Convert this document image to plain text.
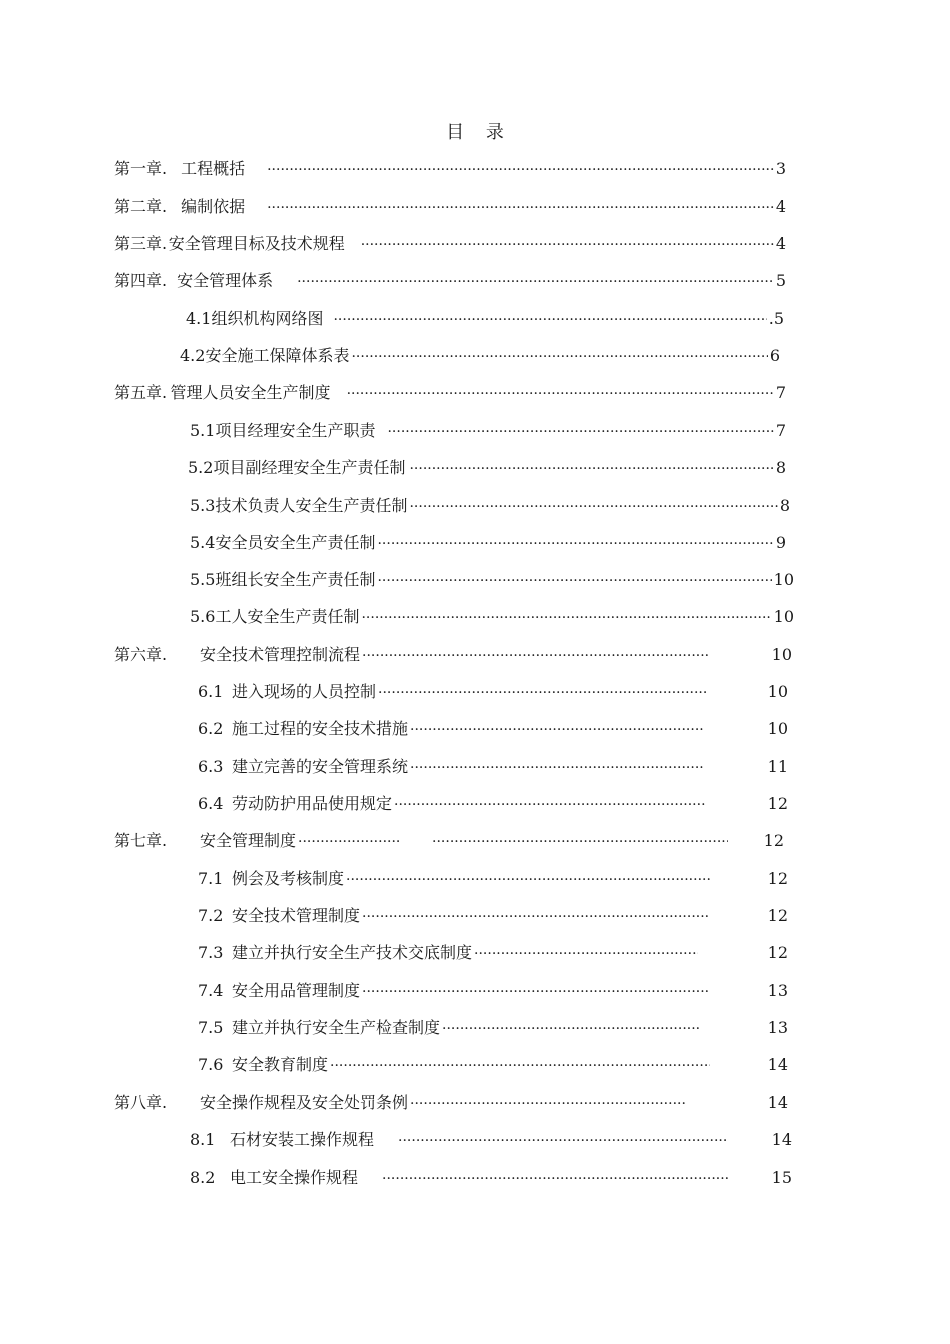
目 录
第一章. 工程概括 ·····	3
第二章. 编制依据 ·····	4
第三章. 安全管理目标及技术规程 ·····	4
第四章. 安全管理体系 ·····	5
4.1 组织机构网络图 ·····	.5
4.2 安全施工保障体系表 ·····	6
第五章. 管理人员安全生产制度 ·····	7
5.1 项目经理安全生产职责 ·····	7
5.2 项目副经理安全生产责任制 ·····	8
5.3 技术负责人安全生产责任制 ·····	8
5.4 安全员安全生产责任制 ·····	9
5.5 班组长安全生产责任制 ·····	10
5.6 工人安全生产责任制 ·····	10
第六章.	安全技术管理控制流程 ·····	10
6.1 进入现场的人员控制 ·····	10
6.2 施工过程的安全技术措施 ·····	10
6.3 建立完善的安全管理系统 ·····	11
6.4 劳动防护用品使用规定 ·····	12
第七章.	安全管理制度 ····· ·····	12
7.1 例会及考核制度 ·····	12
7.2 安全技术管理制度 ·····	12
7.3 建立并执行安全生产技术交底制度 ·····	12
7.4 安全用品管理制度 ·····	13
7.5 建立并执行安全生产检查制度 ·····	13
7.6 安全教育制度 ·····	14
第八章.	安全操作规程及安全处罚条例 ·····	14
8.1 石材安装工操作规程 ·····	14
8.2 电工安全操作规程 ·····	15
